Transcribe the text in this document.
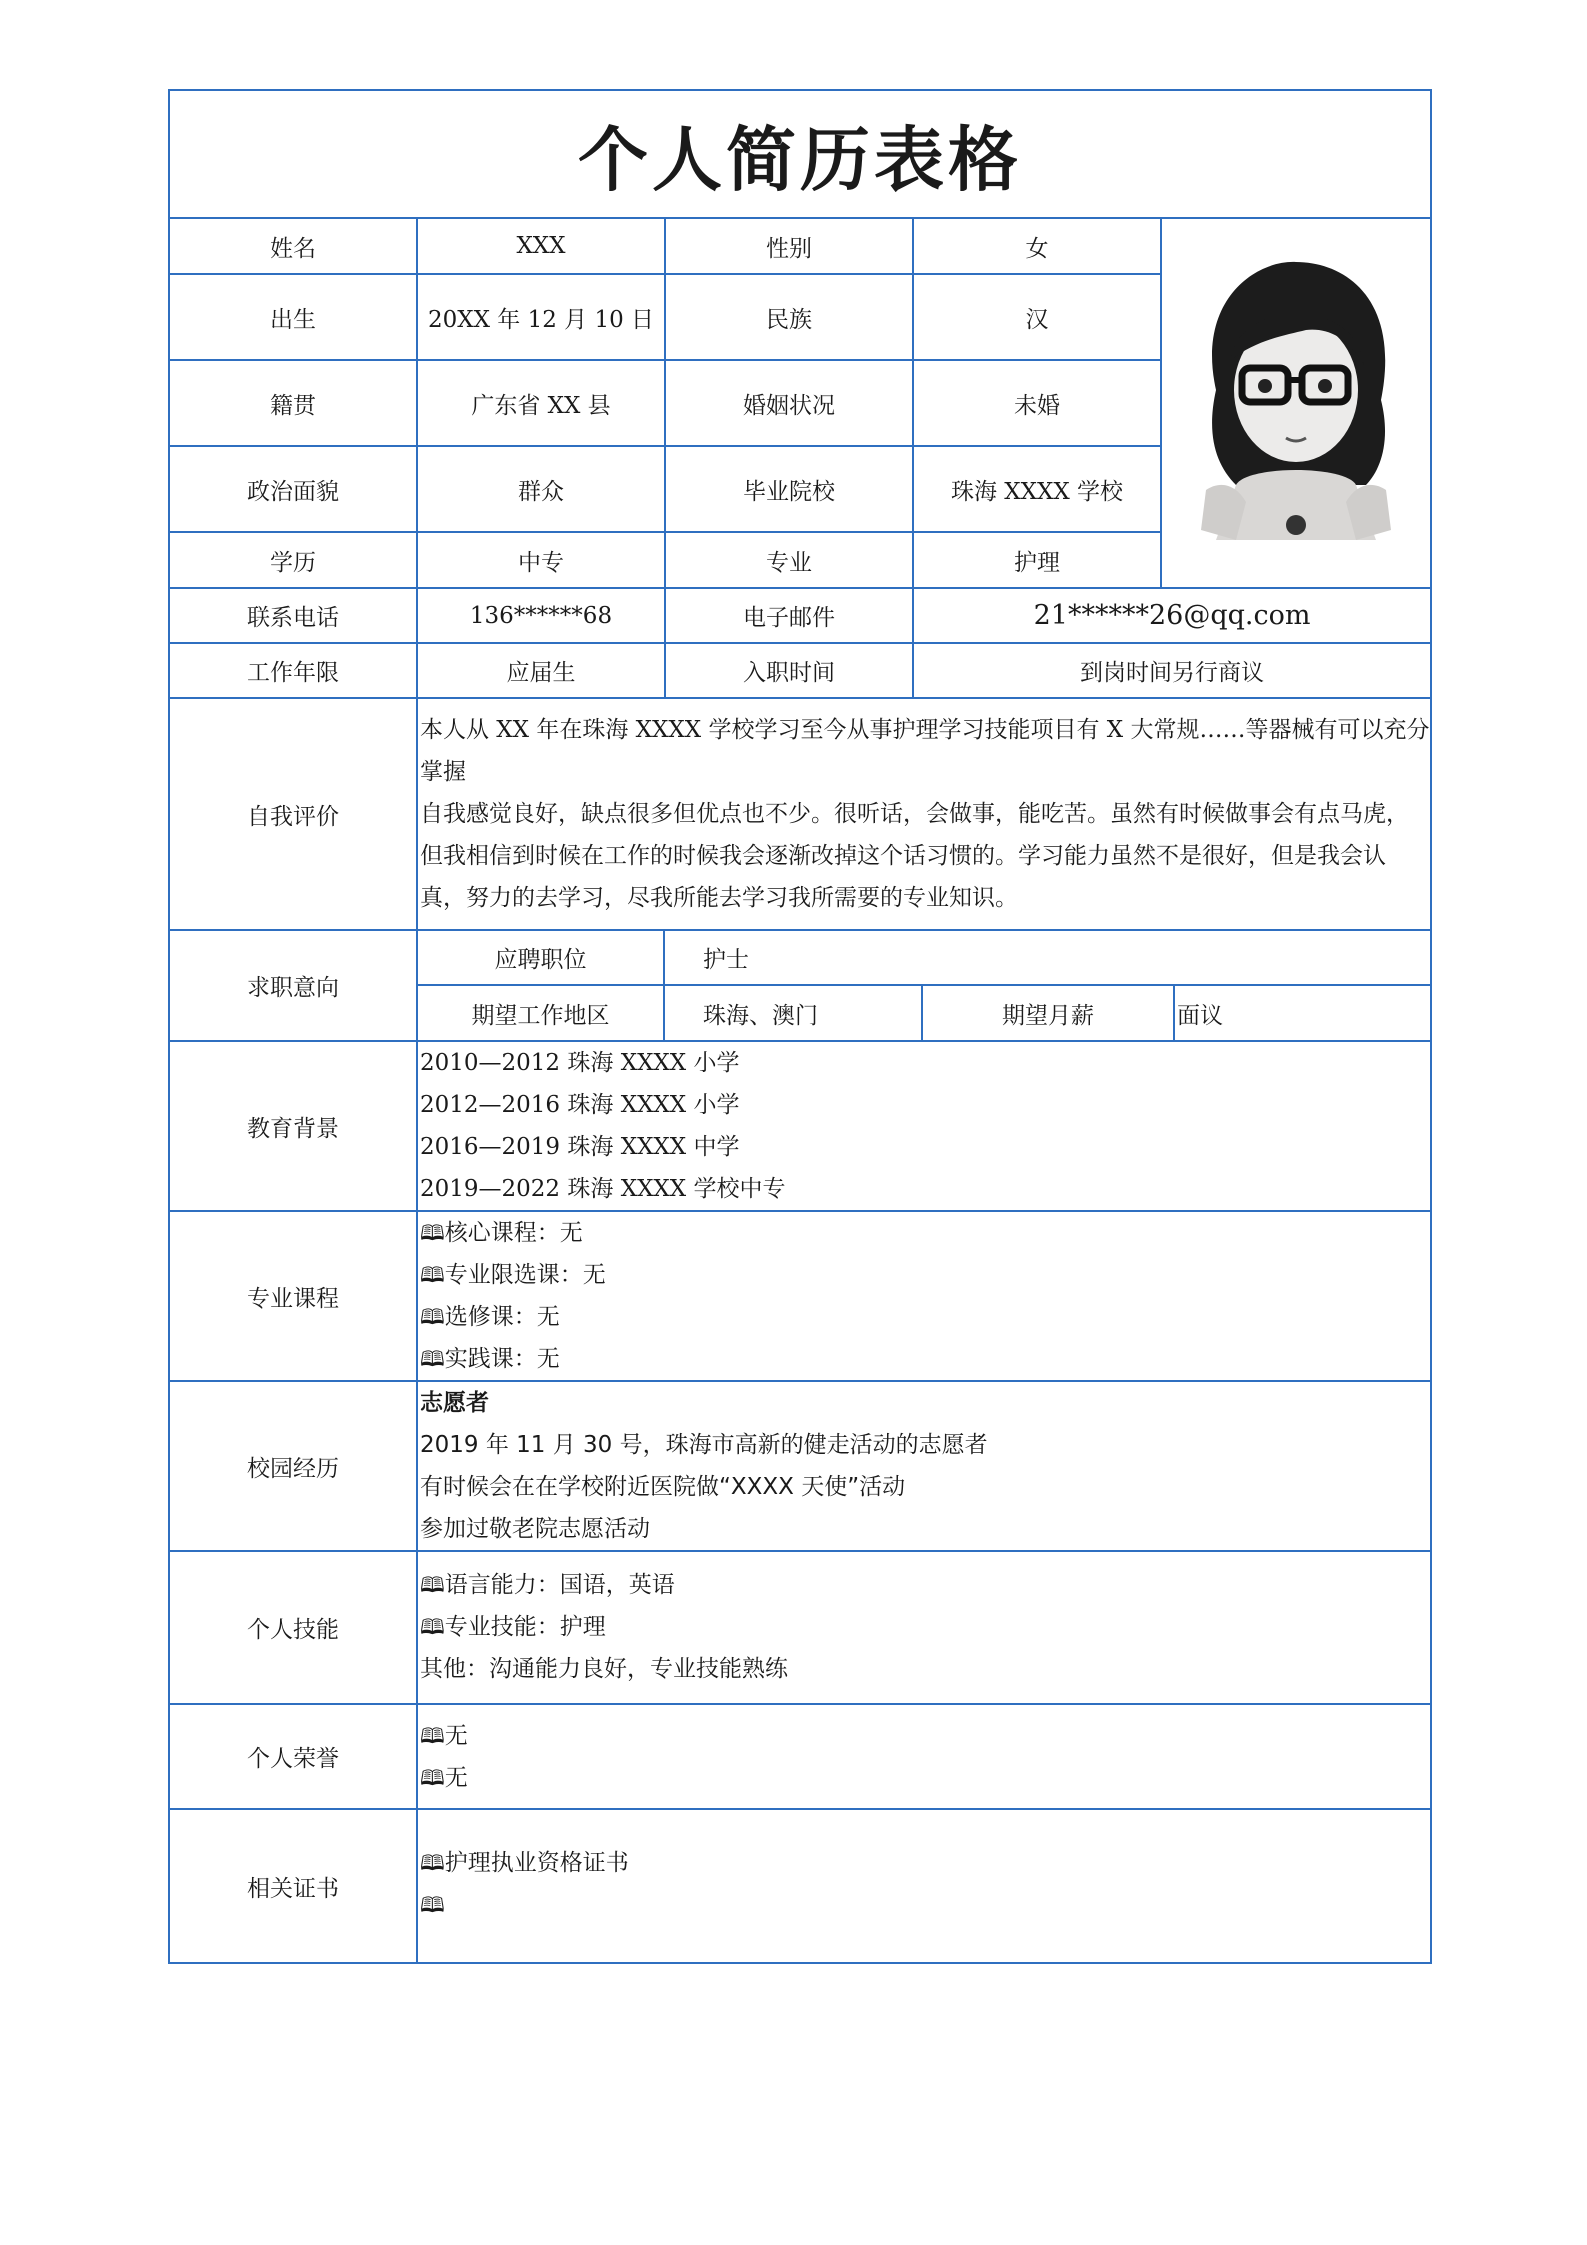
个人简历表格
姓名	XXX	性别	女	
出生	20XX 年 12 月 10 日	民族	汉
籍贯	广东省 XX 县	婚姻状况	未婚
政治面貌	群众	毕业院校	珠海 XXXX 学校
学历	中专	专业	护理
联系电话	136******68	电子邮件	21******26@qq.com
工作年限	应届生	入职时间	到岗时间另行商议
自我评价	
本人从 XX 年在珠海 XXXX 学校学习至今从事护理学习技能项目有 X 大常规……等器械有可以充分掌握
自我感觉良好，缺点很多但优点也不少。很听话，会做事，能吃苦。虽然有时候做事会有点马虎，但我相信到时候在工作的时候我会逐渐改掉这个话习惯的。学习能力虽然不是很好，但是我会认真，努力的去学习，尽我所能去学习我所需要的专业知识。

求职意向	
应聘职位	护士
期望工作地区	珠海、澳门	期望月薪	面议

教育背景	
2010—2012 珠海 XXXX 小学
2012—2016 珠海 XXXX 小学
2016—2019 珠海 XXXX 中学
2019—2022 珠海 XXXX 学校中专

专业课程	
🕮核心课程：无
🕮专业限选课：无
🕮选修课：无
🕮实践课：无

校园经历	
志愿者
2019 年 11 月 30 号，珠海市高新的健走活动的志愿者
有时候会在在学校附近医院做“XXXX 天使”活动
参加过敬老院志愿活动

个人技能	
🕮语言能力：国语，英语
🕮专业技能：护理
其他：沟通能力良好，专业技能熟练

个人荣誉	
🕮无
🕮无

相关证书	
🕮护理执业资格证书
🕮
